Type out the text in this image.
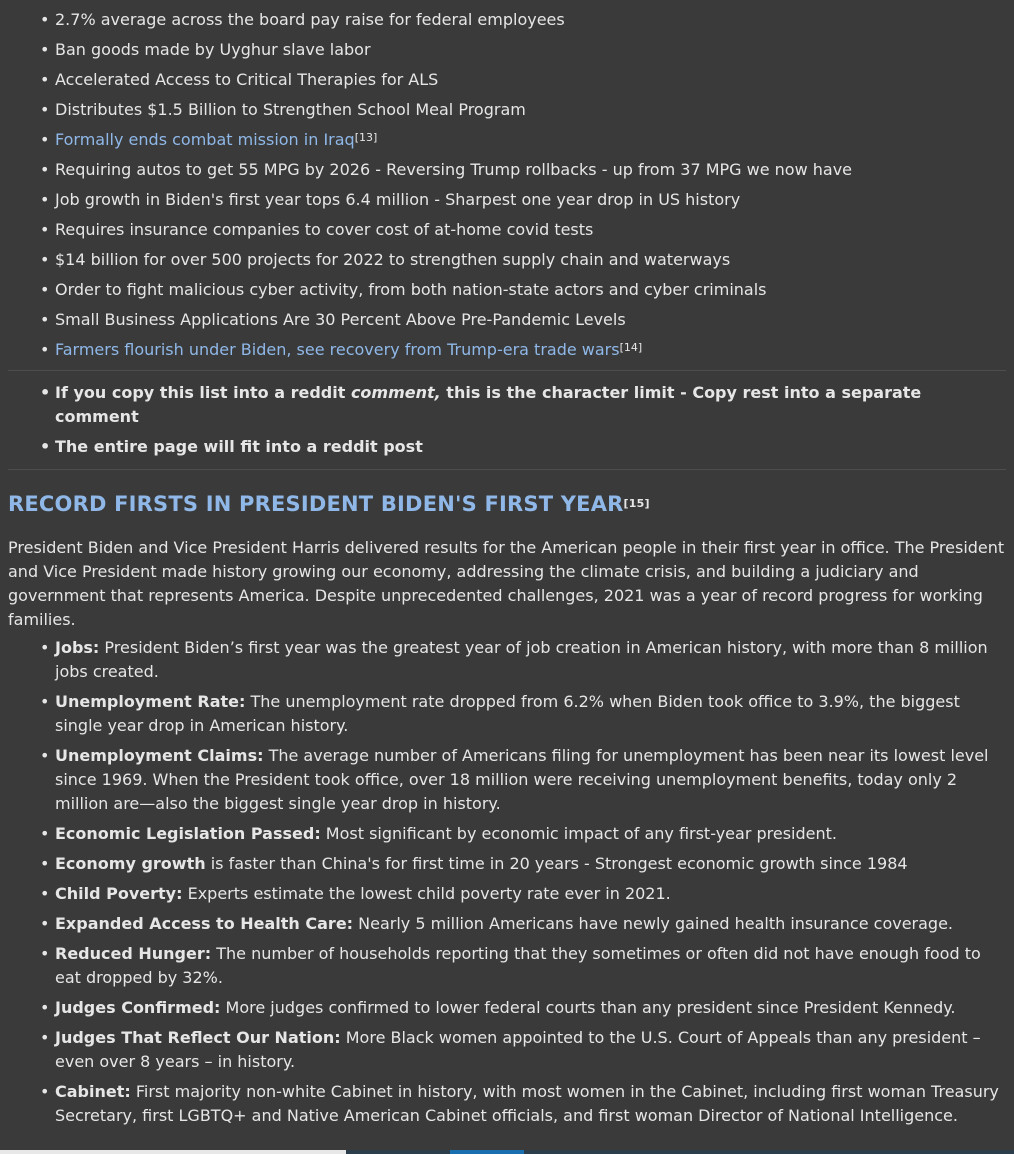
• 2.7% average across the board pay raise for federal employees
• Ban goods made by Uyghur slave labor
• Accelerated Access to Critical Therapies for ALS
• Distributes $1.5 Billion to Strengthen School Meal Program
• Formally ends combat mission in Iraq[13]
• Requiring autos to get 55 MPG by 2026 - Reversing Trump rollbacks - up from 37 MPG we now have
• Job growth in Biden's first year tops 6.4 million - Sharpest one year drop in US history
• Requires insurance companies to cover cost of at-home covid tests
• $14 billion for over 500 projects for 2022 to strengthen supply chain and waterways
• Order to fight malicious cyber activity, from both nation-state actors and cyber criminals
• Small Business Applications Are 30 Percent Above Pre-Pandemic Levels
• Farmers flourish under Biden, see recovery from Trump-era trade wars[14]
• If you copy this list into a reddit comment, this is the character limit - Copy rest into a separate comment
• The entire page will fit into a reddit post
RECORD FIRSTS IN PRESIDENT BIDEN'S FIRST YEAR[15]
President Biden and Vice President Harris delivered results for the American people in their first year in office. The President and Vice President made history growing our economy, addressing the climate crisis, and building a judiciary and government that represents America. Despite unprecedented challenges, 2021 was a year of record progress for working families.
• Jobs: President Biden’s first year was the greatest year of job creation in American history, with more than 8 million jobs created.
• Unemployment Rate: The unemployment rate dropped from 6.2% when Biden took office to 3.9%, the biggest single year drop in American history.
• Unemployment Claims: The average number of Americans filing for unemployment has been near its lowest level since 1969. When the President took office, over 18 million were receiving unemployment benefits, today only 2 million are—also the biggest single year drop in history.
• Economic Legislation Passed: Most significant by economic impact of any first-year president.
• Economy growth is faster than China's for first time in 20 years - Strongest economic growth since 1984
• Child Poverty: Experts estimate the lowest child poverty rate ever in 2021.
• Expanded Access to Health Care: Nearly 5 million Americans have newly gained health insurance coverage.
• Reduced Hunger: The number of households reporting that they sometimes or often did not have enough food to eat dropped by 32%.
• Judges Confirmed: More judges confirmed to lower federal courts than any president since President Kennedy.
• Judges That Reflect Our Nation: More Black women appointed to the U.S. Court of Appeals than any president – even over 8 years – in history.
• Cabinet: First majority non-white Cabinet in history, with most women in the Cabinet, including first woman Treasury Secretary, first LGBTQ+ and Native American Cabinet officials, and first woman Director of National Intelligence.
